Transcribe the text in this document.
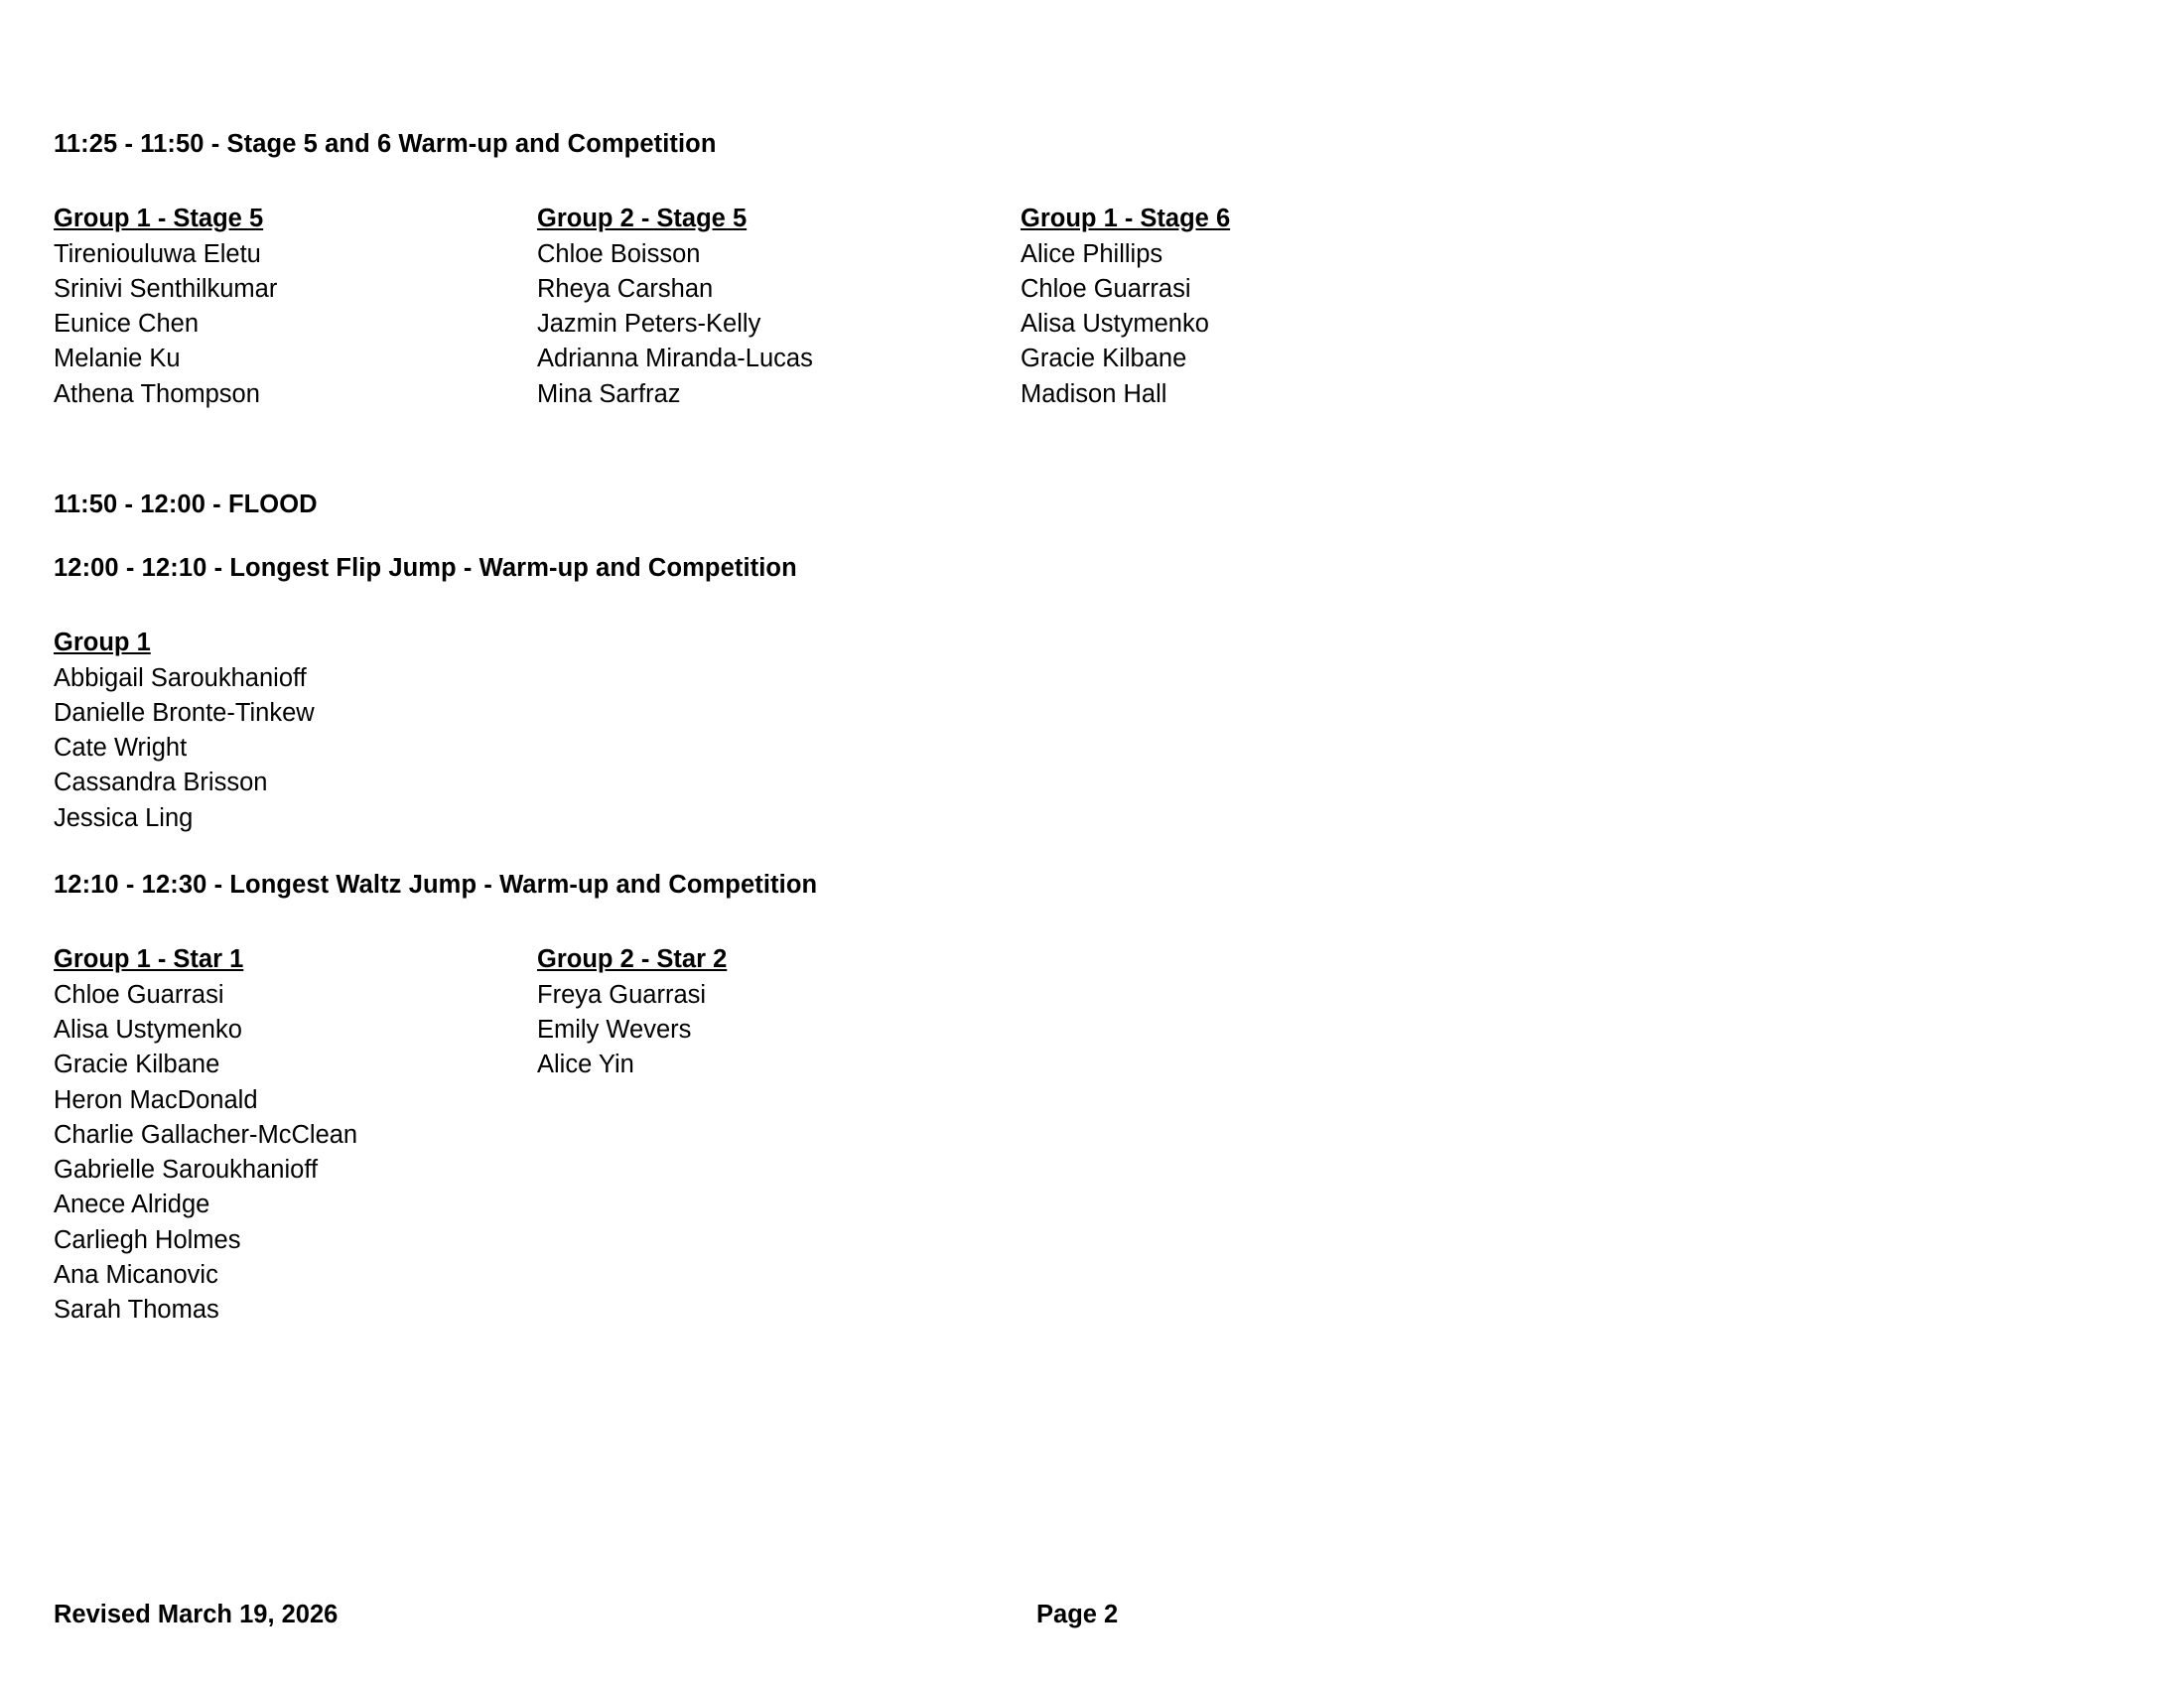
11:25 - 11:50 - Stage 5 and 6 Warm-up and Competition
Group 1 - Stage 5
Tireniouluwa Eletu
Srinivi Senthilkumar
Eunice Chen
Melanie Ku
Athena Thompson
Group 2 - Stage 5
Chloe Boisson
Rheya Carshan
Jazmin Peters-Kelly
Adrianna Miranda-Lucas
Mina Sarfraz
Group 1 - Stage 6
Alice Phillips
Chloe Guarrasi
Alisa Ustymenko
Gracie Kilbane
Madison Hall
11:50 - 12:00 - FLOOD
12:00 - 12:10 - Longest Flip Jump - Warm-up and Competition
Group 1
Abbigail Saroukhanioff
Danielle Bronte-Tinkew
Cate Wright
Cassandra Brisson
Jessica Ling
12:10 - 12:30 - Longest Waltz Jump - Warm-up and Competition
Group 1 - Star 1
Chloe Guarrasi
Alisa Ustymenko
Gracie Kilbane
Heron MacDonald
Charlie Gallacher-McClean
Gabrielle Saroukhanioff
Anece Alridge
Carliegh Holmes
Ana Micanovic
Sarah Thomas
Group 2 - Star 2
Freya Guarrasi
Emily Wevers
Alice Yin
Revised March 19, 2026	Page 2
